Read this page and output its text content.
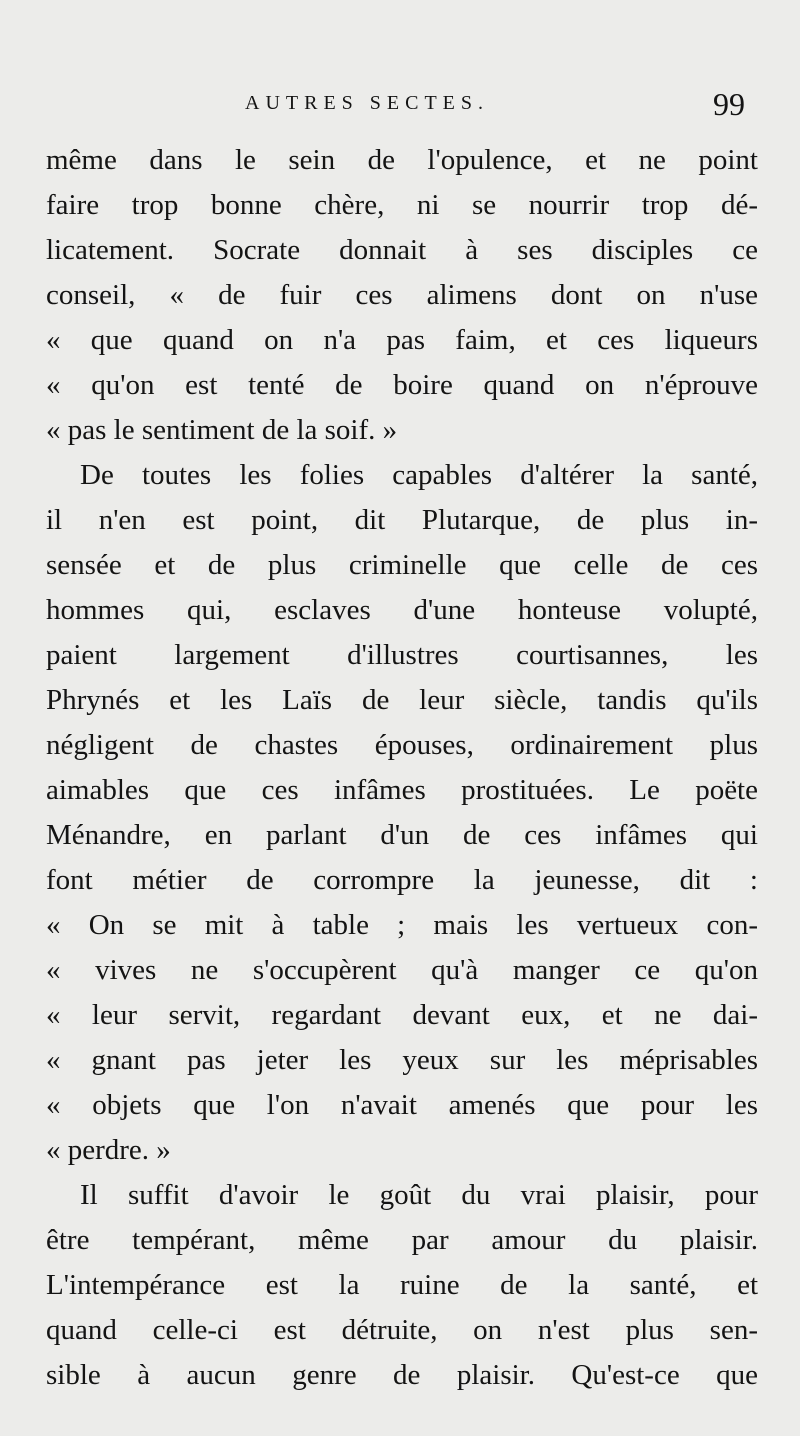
AUTRES SECTES.	99
même dans le sein de l'opulence, et ne point
faire trop bonne chère, ni se nourrir trop dé-
licatement. Socrate donnait à ses disciples ce
conseil, « de fuir ces alimens dont on n'use
« que quand on n'a pas faim, et ces liqueurs
« qu'on est tenté de boire quand on n'éprouve
« pas le sentiment de la soif. »
De toutes les folies capables d'altérer la santé,
il n'en est point, dit Plutarque, de plus in-
sensée et de plus criminelle que celle de ces
hommes qui, esclaves d'une honteuse volupté,
paient largement d'illustres courtisannes, les
Phrynés et les Laïs de leur siècle, tandis qu'ils
négligent de chastes épouses, ordinairement plus
aimables que ces infâmes prostituées. Le poëte
Ménandre, en parlant d'un de ces infâmes qui
font métier de corrompre la jeunesse, dit :
« On se mit à table ; mais les vertueux con-
« vives ne s'occupèrent qu'à manger ce qu'on
« leur servit, regardant devant eux, et ne dai-
« gnant pas jeter les yeux sur les méprisables
« objets que l'on n'avait amenés que pour les
« perdre. »
Il suffit d'avoir le goût du vrai plaisir, pour
être tempérant, même par amour du plaisir.
L'intempérance est la ruine de la santé, et
quand celle-ci est détruite, on n'est plus sen-
sible à aucun genre de plaisir. Qu'est-ce que
